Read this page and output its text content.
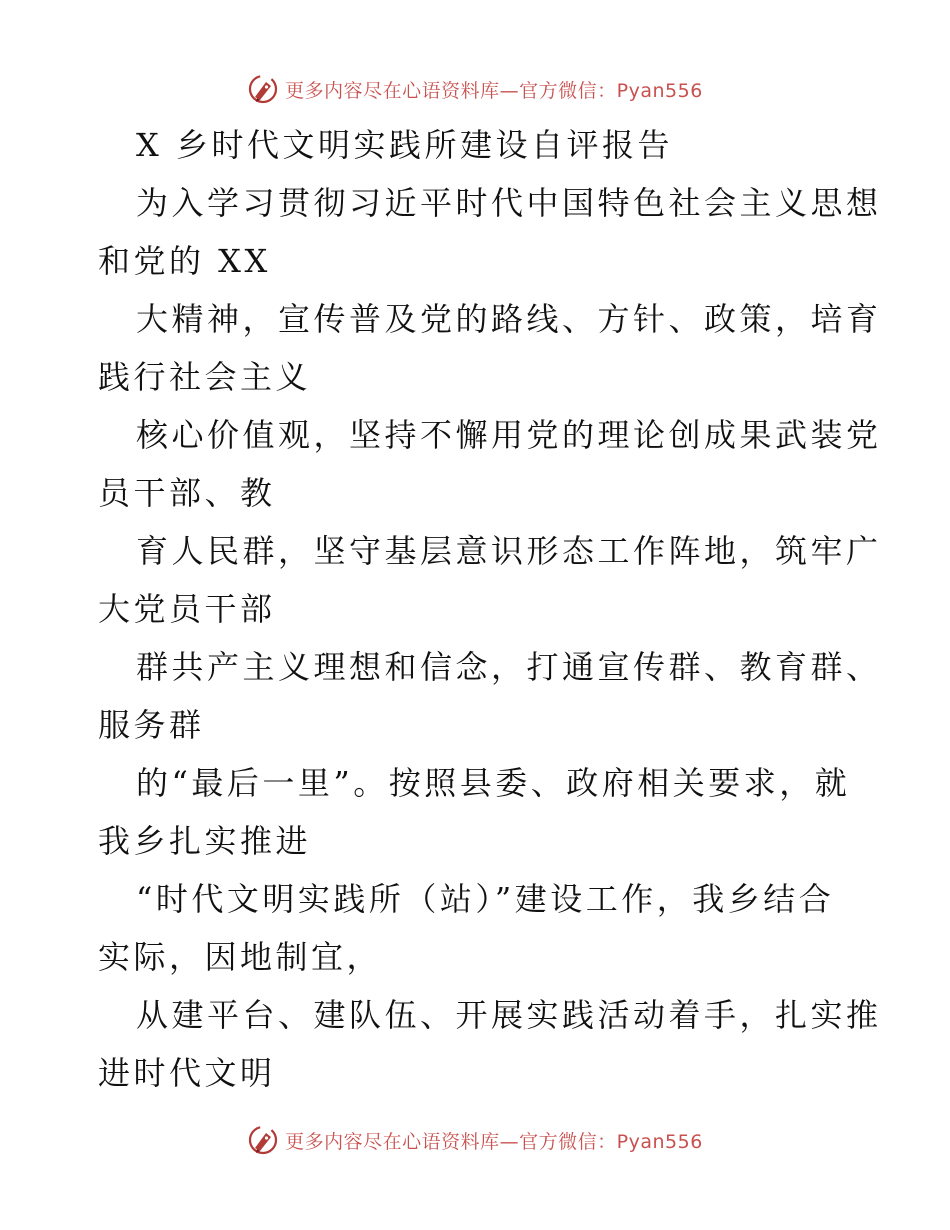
更多内容尽在心语资料库—官方微信：Pyan556
X 乡时代文明实践所建设自评报告
为入学习贯彻习近平时代中国特色社会主义思想
和党的 XX
大精神，宣传普及党的路线、方针、政策，培育
践行社会主义
核心价值观，坚持不懈用党的理论创成果武装党
员干部、教
育人民群，坚守基层意识形态工作阵地，筑牢广
大党员干部
群共产主义理想和信念，打通宣传群、教育群、
服务群
的“最后一里”。按照县委、政府相关要求，就
我乡扎实推进
“时代文明实践所（站）”建设工作，我乡结合
实际，因地制宜，
从建平台、建队伍、开展实践活动着手，扎实推
进时代文明
更多内容尽在心语资料库—官方微信：Pyan556
